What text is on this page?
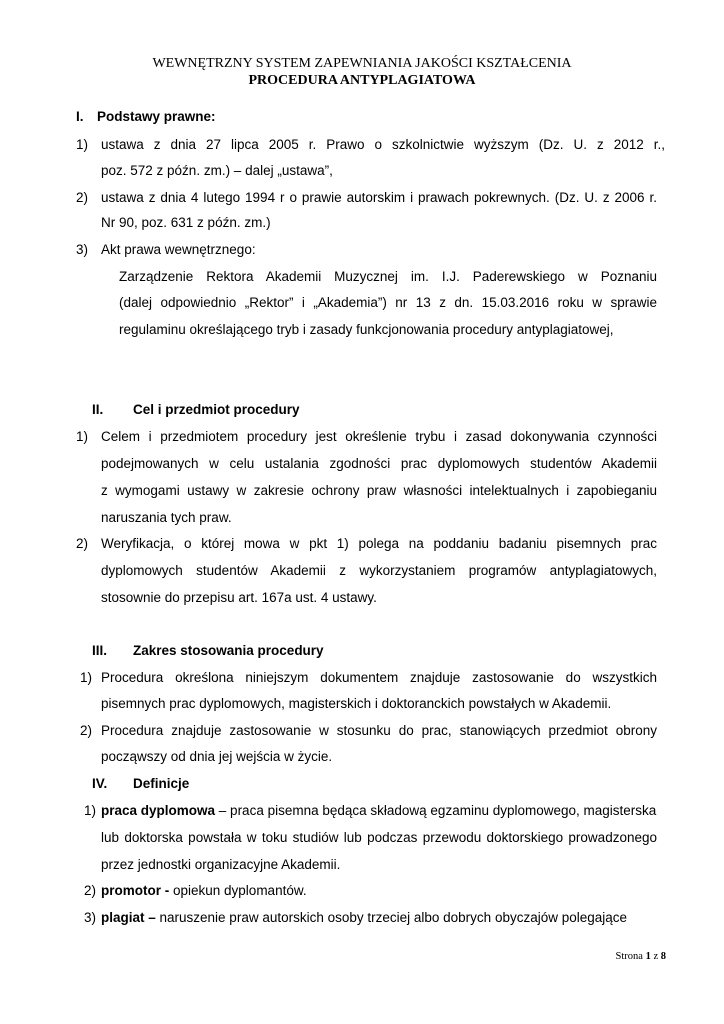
WEWNĘTRZNY SYSTEM ZAPEWNIANIA JAKOŚCI KSZTAŁCENIA
PROCEDURA ANTYPLAGIATOWA
I. Podstawy prawne:
1) ustawa z dnia 27 lipca 2005 r. Prawo o szkolnictwie wyższym (Dz. U. z 2012 r.,
poz. 572 z późn. zm.) – dalej „ustawa”,
2) ustawa z dnia 4 lutego 1994 r o prawie autorskim i prawach pokrewnych. (Dz. U. z 2006 r.
Nr 90, poz. 631 z późn. zm.)
3) Akt prawa wewnętrznego:
Zarządzenie Rektora Akademii Muzycznej im. I.J. Paderewskiego w Poznaniu
(dalej odpowiednio „Rektor” i „Akademia”) nr 13 z dn. 15.03.2016 roku w sprawie
regulaminu określającego tryb i zasady funkcjonowania procedury antyplagiatowej,
II. Cel i przedmiot procedury
1) Celem i przedmiotem procedury jest określenie trybu i zasad dokonywania czynności
podejmowanych w celu ustalania zgodności prac dyplomowych studentów Akademii
z wymogami ustawy w zakresie ochrony praw własności intelektualnych i zapobieganiu
naruszania tych praw.
2) Weryfikacja, o której mowa w pkt 1) polega na poddaniu badaniu pisemnych prac
dyplomowych studentów Akademii z wykorzystaniem programów antyplagiatowych,
stosownie do przepisu art. 167a ust. 4 ustawy.
III. Zakres stosowania procedury
1) Procedura określona niniejszym dokumentem znajduje zastosowanie do wszystkich
pisemnych prac dyplomowych, magisterskich i doktoranckich powstałych w Akademii.
2) Procedura znajduje zastosowanie w stosunku do prac, stanowiących przedmiot obrony
począwszy od dnia jej wejścia w życie.
IV. Definicje
1) praca dyplomowa – praca pisemna będąca składową egzaminu dyplomowego, magisterska
lub doktorska powstała w toku studiów lub podczas przewodu doktorskiego prowadzonego
przez jednostki organizacyjne Akademii.
2) promotor - opiekun dyplomantów.
3) plagiat – naruszenie praw autorskich osoby trzeciej albo dobrych obyczajów polegające
Strona 1 z 8
